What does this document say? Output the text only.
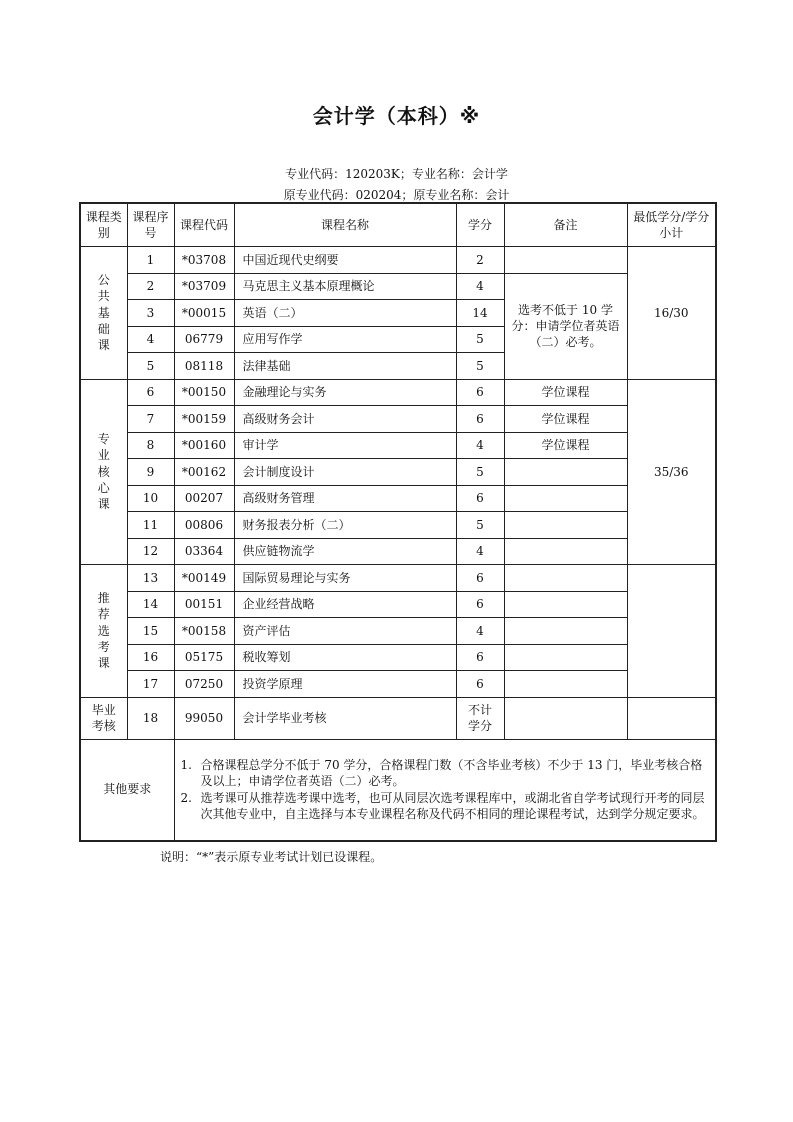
会计学（本科）※
专业代码：120203K；专业名称：会计学
原专业代码：020204；原专业名称：会计
课程类别	课程序号	课程代码	课程名称	学分	备注	最低学分/学分小计

公
共
基
础
课	1	*03708	中国近现代史纲要	2		16/30
	2	*03709	马克思主义基本原理概论	4	选考不低于 10 学分：申请学位者英语（二）必考。	
	3	*00015	英语（二）	14		
	4	06779	应用写作学	5		
	5	08118	法律基础	5		

专
业
核
心
课	6	*00150	金融理论与实务	6	学位课程	35/36
	7	*00159	高级财务会计	6	学位课程	
	8	*00160	审计学	4	学位课程	
	9	*00162	会计制度设计	5		
	10	00207	高级财务管理	6		
	11	00806	财务报表分析（二）	5		
	12	03364	供应链物流学	4		

推
荐
选
考
课	13	*00149	国际贸易理论与实务	6		
	14	00151	企业经营战略	6		
	15	*00158	资产评估	4		
	16	05175	税收筹划	6		
	17	07250	投资学原理	6		
毕业考核	18	99050	会计学毕业考核	不计学分		
其他要求		1. 合格课程总学分不低于 70 学分，合格课程门数（不含毕业考核）不少于 13 门，毕业考核合格及以上；申请学位者英语（二）必考。
2. 选考课可从推荐选考课中选考，也可从同层次选考课程库中，或湖北省自学考试现行开考的同层次其他专业中，自主选择与本专业课程名称及代码不相同的理论课程考试，达到学分规定要求。				
说明：“*”表示原专业考试计划已设课程。
